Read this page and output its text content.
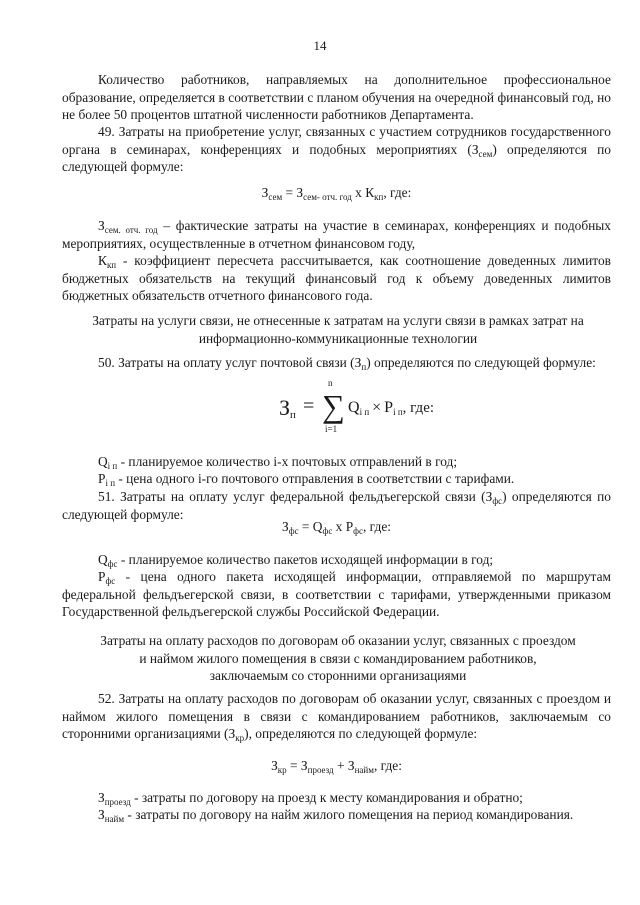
14
Количество работников, направляемых на дополнительное профессиональное образование, определяется в соответствии с планом обучения на очередной финансовый год, но не более 50 процентов штатной численности работников Департамента.
49. Затраты на приобретение услуг, связанных с участием сотрудников государственного органа в семинарах, конференциях и подобных мероприятиях $(З_{сем})$ определяются по следующей формуле:
$З_{сем} = З_{сем- отч. год}$ x $К_{кп}$, где:
$З_{сем. отч. год}$ – фактические затраты на участие в семинарах, конференциях и подобных мероприятиях, осуществленные в отчетном финансовом году,
$К_{кп}$ - коэффициент пересчета рассчитывается, как соотношение доведенных лимитов бюджетных обязательств на текущий финансовый год к объему доведенных лимитов бюджетных обязательств отчетного финансового года.
Затраты на услуги связи, не отнесенные к затратам на услуги связи в рамках затрат на информационно-коммуникационные технологии
50. Затраты на оплату услуг почтовой связи $(З_п)$ определяются по следующей формуле:
$З_п$ =
n
∑
i=1
$Q_{i п} \times P_{i п}$, где:
$Q_{i п}$ - планируемое количество i-х почтовых отправлений в год;
$P_{i п}$ - цена одного i-го почтового отправления в соответствии с тарифами.
51. Затраты на оплату услуг федеральной фельдъегерской связи $(З_{фс})$ определяются по следующей формуле:
$З_{фс} = Q_{фс}$ x $P_{фс}$, где:
$Q_{фс}$ - планируемое количество пакетов исходящей информации в год;
$P_{фс}$ - цена одного пакета исходящей информации, отправляемой по маршрутам федеральной фельдъегерской связи, в соответствии с тарифами, утвержденными приказом Государственной фельдъегерской службы Российской Федерации.
Затраты на оплату расходов по договорам об оказании услуг, связанных с проездом и наймом жилого помещения в связи с командированием работников, заключаемым со сторонними организациями
52. Затраты на оплату расходов по договорам об оказании услуг, связанных с проездом и наймом жилого помещения в связи с командированием работников, заключаемым со сторонними организациями $(З_{кр})$, определяются по следующей формуле:
$З_{кр} = З_{проезд} + З_{найм}$, где:
$З_{проезд}$ - затраты по договору на проезд к месту командирования и обратно;
$З_{найм}$ - затраты по договору на найм жилого помещения на период командирования.
